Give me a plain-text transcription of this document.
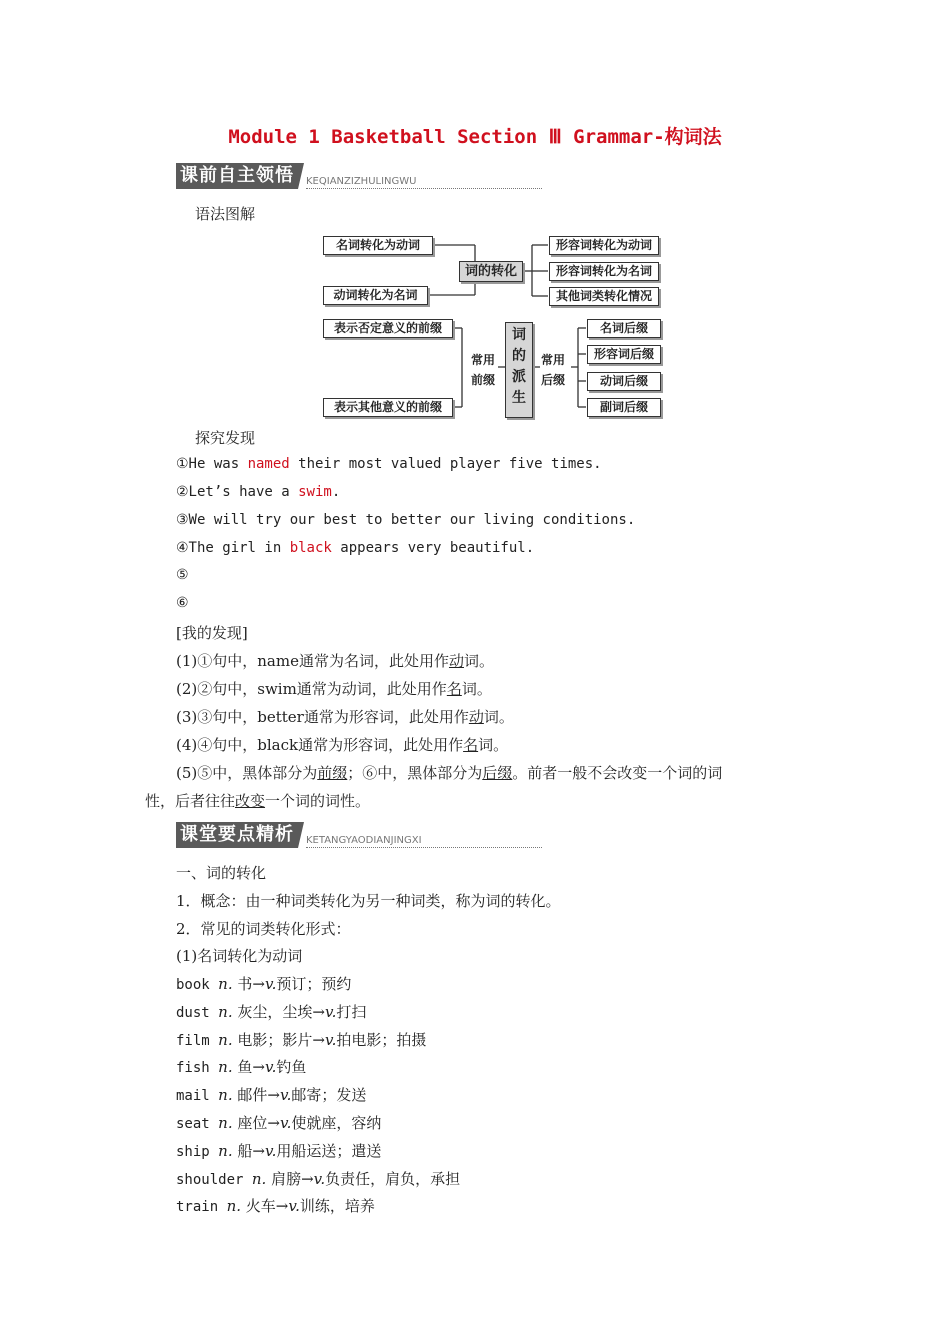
Module 1 Basketball Section Ⅲ Grammar-构词法
课前自主领悟	KEQIANZIZHULINGWU
语法图解
名词转化为动词
动词转化为名词
词的转化
形容词转化为动词
形容词转化为名词
其他词类转化情况
表示否定意义的前缀
表示其他意义的前缀
常用
前缀
词
的
派
生
常用
后缀
名词后缀
形容词后缀
动词后缀
副词后缀
探究发现
①He was named their most valued player five times.
②Let’s have a swim.
③We will try our best to better our living conditions.
④The girl in black appears very beautiful.
⑤
⑥
[我的发现]
(1)①句中，name通常为名词，此处用作动词。
(2)②句中，swim通常为动词，此处用作名词。
(3)③句中，better通常为形容词，此处用作动词。
(4)④句中，black通常为形容词，此处用作名词。
(5)⑤中，黑体部分为前缀；⑥中，黑体部分为后缀。前者一般不会改变一个词的词
性，后者往往改变一个词的词性。
课堂要点精析	KETANGYAODIANJINGXI
一、词的转化
1．概念：由一种词类转化为另一种词类，称为词的转化。
2．常见的词类转化形式：
(1)名词转化为动词
book n. 书→v.预订；预约
dust n. 灰尘，尘埃→v.打扫
film n. 电影；影片→v.拍电影；拍摄
fish n. 鱼→v.钓鱼
mail n. 邮件→v.邮寄；发送
seat n. 座位→v.使就座，容纳
ship n. 船→v.用船运送；遣送
shoulder n. 肩膀→v.负责任，肩负，承担
train n. 火车→v.训练，培养
